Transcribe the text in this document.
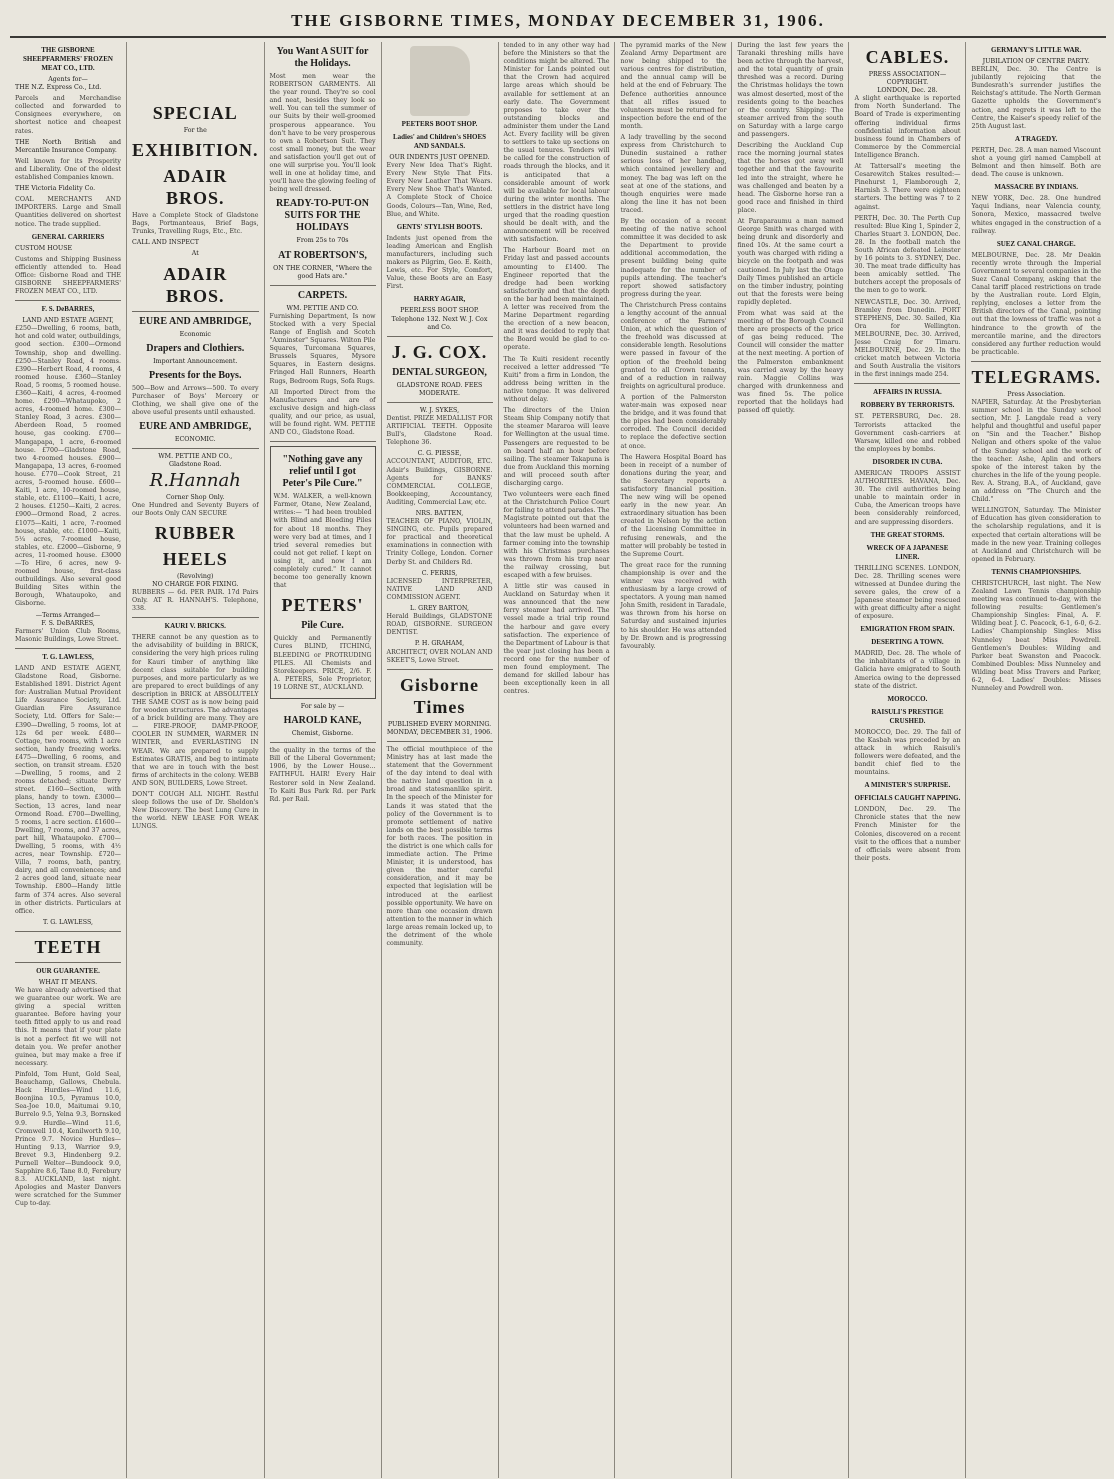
THE GISBORNE TIMES, MONDAY DECEMBER 31, 1906.
THE GISBORNE SHEEPFARMERS' FROZEN MEAT CO., LTD.
Agents for—

THE N.Z. Express Co., Ltd.

Parcels and Merchandise collected and forwarded to Consignees everywhere, on shortest notice and cheapest rates.

THE North British and Mercantile Insurance Company.

Well known for its Prosperity and Liberality. One of the oldest established Companies known.

THE Victoria Fidelity Co.

COAL MERCHANTS AND IMPORTERS. Large and Small Quantities delivered on shortest notice. The trade supplied.

GENERAL CARRIERS

CUSTOM HOUSE

Customs and Shipping Business efficiently attended to. Head Office: Gisborne Road and THE GISBORNE SHEEPFARMERS' FROZEN MEAT CO., LTD.

F. S. DeBARRES,
LAND AND ESTATE AGENT,

£250—Dwelling, 6 rooms, bath, hot and cold water, outbuildings, good section. £300—Ormond Township, shop and dwelling. £250—Stanley Road, 4 rooms. £390—Herbert Road, 4 rooms, 4 roomed house. £360—Stanley Road, 5 rooms, 5 roomed house. £360—Kaiti, 4 acres, 4-roomed home. £290—Whataupoko, 2 acres, 4-roomed home. £300—Stanley Road, 3 acres. £300—Aberdeen Road, 5 roomed house, gas cooking. £700—Mangapapa, 1 acre, 6-roomed house. £700—Gladstone Road, two 4-roomed houses. £900—Mangapapa, 13 acres, 6-roomed house. £770—Cook Street, 21 acres, 5-roomed house. £600—Kaiti, 1 acre, 10-roomed house, stable, etc. £1100—Kaiti, 1 acre, 2 houses. £1250—Kaiti, 2 acres. £900—Ormond Road, 2 acres. £1075—Kaiti, 1 acre, 7-roomed house, stable, etc. £1000—Kaiti, 5¼ acres, 7-roomed house, stables, etc. £2000—Gisborne, 9 acres, 11-roomed house. £3000—To Hire, 6 acres, new 9-roomed house, first-class outbuildings. Also several good Building Sites within the Borough, Whataupoko, and Gisborne.

—Terms Arranged—
F. S. DeBARRES,

Farmers' Union Club Rooms, Masonic Buildings, Lowe Street.

T. G. LAWLESS,

LAND AND ESTATE AGENT, Gladstone Road, Gisborne. Established 1891. District Agent for: Australian Mutual Provident Life Assurance Society, Ltd. Guardian Fire Assurance Society, Ltd. Offers for Sale:— £390—Dwelling, 5 rooms, lot at 12s 6d per week. £480—Cottage, two rooms, with 1 acre section, handy freezing works. £475—Dwelling, 6 rooms, and section, on transit stream. £520—Dwelling, 5 rooms, and 2 rooms detached; situate Derry street. £160—Section, with plans, handy to town. £3000—Section, 13 acres, land near Ormond Road. £700—Dwelling, 5 rooms, 1 acre section. £1600—Dwelling, 7 rooms, and 37 acres, part hill, Whataupoko. £700—Dwelling, 5 rooms, with 4½ acres, near Township. £720—Villa, 7 rooms, bath, pantry, dairy, and all conveniences; and 2 acres good land, situate near Township. £800—Handy little farm of 374 acres. Also several in other districts. Particulars at office.

T. G. LAWLESS,
TEETH
OUR GUARANTEE.
WHAT IT MEANS.

We have already advertised that we guarantee our work. We are giving a special written guarantee. Before having your teeth fitted apply to us and read this. It means that if your plate is not a perfect fit we will not detain you. We prefer another guinea, but may make a free if necessary.

Pinfold, Tom Hunt, Gold Seal, Beauchamp, Gallows, Chebula. Hack Hurdles—Wind 11.6, Boonjina 10.5, Pyramus 10.0, Sea-Joe 10.0, Maitumai 9.10, Burrelo 9.5, Yelna 9.3, Bornsked 9.9. Hurdle—Wind 11.6, Cromwell 10.4, Kenilworth 9.10, Prince 9.7. Novice Hurdles—Hunting 9.13, Warrior 9.9, Brevet 9.3, Hindenberg 9.2. Purnell Welter—Bundoock 9.0, Sapphire 8.6, Tane 8.0, Ferebury 8.3. AUCKLAND, last night. Apologies and Master Danvers were scratched for the Summer Cup to-day.

SPECIAL
For the
EXHIBITION.
ADAIR BROS.

Have a Complete Stock of Gladstone Bags, Portmanteaus, Brief Bags, Trunks, Travelling Rugs, Etc., Etc.

CALL AND INSPECT

At
ADAIR BROS.
EURE AND AMBRIDGE,
Economic
Drapers and Clothiers.
Important Announcement.
Presents for the Boys.

500—Bow and Arrows—500. To every Purchaser of Boys' Mercery or Clothing, we shall give one of the above useful presents until exhausted.

EURE AND AMBRIDGE,
ECONOMIC.
WM. PETTIE AND CO.,
Gladstone Road.
R.Hannah
Corner Shop Only.

One Hundred and Seventy Buyers of our Boots Only CAN SECURE

RUBBER
HEELS
(Revolving)
NO CHARGE FOR FIXING.

RUBBERS — 6d. PER PAIR. 17d Pairs Only. AT R. HANNAH'S. Telephone, 338.

KAURI V. BRICKS.

THERE cannot be any question as to the advisability of building in BRICK, considering the very high prices ruling for Kauri timber of anything like decent class suitable for building purposes, and more particularly as we are prepared to erect buildings of any description in BRICK at ABSOLUTELY THE SAME COST as is now being paid for wooden structures. The advantages of a brick building are many. They are — FIRE-PROOF, DAMP-PROOF, COOLER IN SUMMER, WARMER IN WINTER, and EVERLASTING IN WEAR. We are prepared to supply Estimates GRATIS, and beg to intimate that we are in touch with the best firms of architects in the colony. WEBB AND SON, BUILDERS, Lowe Street.

DON'T COUGH ALL NIGHT. Restful sleep follows the use of Dr. Sheldon's New Discovery. The best Lung Cure in the world. NEW LEASE FOR WEAK LUNGS.

You Want A SUIT for the Holidays.

Most men wear the ROBERTSON GARMENTS. All the year round. They're so cool and neat, besides they look so well. You can tell the summer of our Suits by their well-groomed prosperous appearance. You don't have to be very prosperous to own a Robertson Suit. They cost small money, but the wear and satisfaction you'll get out of one will surprise you. You'll look well in one at holiday time, and you'll have the glowing feeling of being well dressed.

READY-TO-PUT-ON SUITS FOR THE HOLIDAYS
From 25s to 70s
AT ROBERTSON'S,
ON THE CORNER, "Where the good Hats are."
CARPETS.
WM. PETTIE AND CO.

Furnishing Department, Is now Stocked with a very Special Range of English and Scotch "Axminster" Squares. Wilton Pile Squares, Turcomana Squares, Brussels Squares, Mysore Squares, in Eastern designs. Fringed Hall Runners, Hearth Rugs, Bedroom Rugs, Sofa Rugs.

All Imported Direct from the Manufacturers and are of exclusive design and high-class quality, and our price, as usual, will be found right. WM. PETTIE AND CO., Gladstone Road.

"Nothing gave any relief until I got Peter's Pile Cure."

W.M. WALKER, a well-known Farmer, Otane, New Zealand, writes:— "I had been troubled with Blind and Bleeding Piles for about 18 months. They were very bad at times, and I tried several remedies but could not get relief. I kept on using it, and now I am completely cured." It cannot become too generally known that

PETERS'
Pile Cure.

Quickly and Permanently Cures BLIND, ITCHING, BLEEDING or PROTRUDING PILES. All Chemists and Storekeepers. PRICE, 2/6. F. A. PETERS, Sole Proprietor, 19 LORNE ST., AUCKLAND.

For sale by —
HAROLD KANE,
Chemist, Gisborne.

the quality in the terms of the Bill of the Liberal Government; 1906, by the Lower House... FAITHFUL HAIR! Every Hair Restorer sold in New Zealand. To Kaiti Bus Park Rd. per Park Rd. per Rail.

PEETERS BOOT SHOP.
Ladies' and Children's SHOES AND SANDALS.
OUR INDENTS JUST OPENED.

Every New Idea That's Right. Every New Style That Fits. Every New Leather That Wears. Every New Shoe That's Wanted. A Complete Stock of Choice Goods, Colours—Tan, Wine, Red, Blue, and White.

GENTS' STYLISH BOOTS.

Indents just opened from the leading American and English manufacturers, including such makers as Pilgrim, Geo. E. Keith, Lewis, etc. For Style, Comfort, Value, these Boots are an Easy First.

HARRY AGAIR,
PEERLESS BOOT SHOP. Telephone 132. Next W. J. Cox and Co.
J. G. COX.
DENTAL SURGEON,
GLADSTONE ROAD. FEES MODERATE.
W. J. SYKES,

Dentist. PRIZE MEDALLIST FOR ARTIFICIAL TEETH. Opposite Bull's, Gladstone Road. Telephone 36.

C. G. PIESSE,

ACCOUNTANT, AUDITOR, ETC. Adair's Buildings, GISBORNE. Agents for BANKS' COMMERCIAL COLLEGE, Bookkeeping, Accountancy, Auditing, Commercial Law, etc.

NRS. BATTEN,

TEACHER OF PIANO, VIOLIN, SINGING, etc. Pupils prepared for practical and theoretical examinations in connection with Trinity College, London. Corner Derby St. and Childers Rd.

C. FERRIS,

LICENSED INTERPRETER, NATIVE LAND AND COMMISSION AGENT.

L. GREY BARTON,

Herald Buildings, GLADSTONE ROAD, GISBORNE. SURGEON DENTIST.

P. H. GRAHAM,

ARCHITECT, OVER NOLAN AND SKEET'S, Lowe Street.

Gisborne Times
PUBLISHED EVERY MORNING.
MONDAY, DECEMBER 31, 1906.

The official mouthpiece of the Ministry has at last made the statement that the Government of the day intend to deal with the native land question in a broad and statesmanlike spirit. In the speech of the Minister for Lands it was stated that the policy of the Government is to promote settlement of native lands on the best possible terms for both races. The position in the district is one which calls for immediate action. The Prime Minister, it is understood, has given the matter careful consideration, and it may be expected that legislation will be introduced at the earliest possible opportunity. We have on more than one occasion drawn attention to the manner in which large areas remain locked up, to the detriment of the whole community.

tended to in any other way had before the Ministers so that the conditions might be altered. The Minister for Lands pointed out that the Crown had acquired large areas which should be available for settlement at an early date. The Government proposes to take over the outstanding blocks and administer them under the Land Act. Every facility will be given to settlers to take up sections on the usual tenures. Tenders will be called for the construction of roads through the blocks, and it is anticipated that a considerable amount of work will be available for local labour during the winter months. The settlers in the district have long urged that the roading question should be dealt with, and the announcement will be received with satisfaction.

The Harbour Board met on Friday last and passed accounts amounting to £1400. The Engineer reported that the dredge had been working satisfactorily and that the depth on the bar had been maintained. A letter was received from the Marine Department regarding the erection of a new beacon, and it was decided to reply that the Board would be glad to co-operate.

The Te Kuiti resident recently received a letter addressed "Te Kuiti" from a firm in London, the address being written in the native tongue. It was delivered without delay.

The directors of the Union Steam Ship Company notify that the steamer Mararoa will leave for Wellington at the usual time. Passengers are requested to be on board half an hour before sailing. The steamer Takapuna is due from Auckland this morning and will proceed south after discharging cargo.

Two volunteers were each fined at the Christchurch Police Court for failing to attend parades. The Magistrate pointed out that the volunteers had been warned and that the law must be upheld. A farmer coming into the township with his Christmas purchases was thrown from his trap near the railway crossing, but escaped with a few bruises.

A little stir was caused in Auckland on Saturday when it was announced that the new ferry steamer had arrived. The vessel made a trial trip round the harbour and gave every satisfaction. The experience of the Department of Labour is that the year just closing has been a record one for the number of men found employment. The demand for skilled labour has been exceptionally keen in all centres.

The pyramid marks of the New Zealand Army Department are now being shipped to the various centres for distribution, and the annual camp will be held at the end of February. The Defence authorities announce that all rifles issued to volunteers must be returned for inspection before the end of the month.

A lady travelling by the second express from Christchurch to Dunedin sustained a rather serious loss of her handbag, which contained jewellery and money. The bag was left on the seat at one of the stations, and though enquiries were made along the line it has not been traced.

By the occasion of a recent meeting of the native school committee it was decided to ask the Department to provide additional accommodation, the present building being quite inadequate for the number of pupils attending. The teacher's report showed satisfactory progress during the year.

The Christchurch Press contains a lengthy account of the annual conference of the Farmers' Union, at which the question of the freehold was discussed at considerable length. Resolutions were passed in favour of the option of the freehold being granted to all Crown tenants, and of a reduction in railway freights on agricultural produce.

A portion of the Palmerston water-main was exposed near the bridge, and it was found that the pipes had been considerably corroded. The Council decided to replace the defective section at once.

The Hawera Hospital Board has been in receipt of a number of donations during the year, and the Secretary reports a satisfactory financial position. The new wing will be opened early in the new year. An extraordinary situation has been created in Nelson by the action of the Licensing Committee in refusing renewals, and the matter will probably be tested in the Supreme Court.

The great race for the running championship is over and the winner was received with enthusiasm by a large crowd of spectators. A young man named John Smith, resident in Taradale, was thrown from his horse on Saturday and sustained injuries to his shoulder. He was attended by Dr. Brown and is progressing favourably.

During the last few years the Taranaki threshing mills have been active through the harvest, and the total quantity of grain threshed was a record. During the Christmas holidays the town was almost deserted, most of the residents going to the beaches or the country. Shipping: The steamer arrived from the south on Saturday with a large cargo and passengers.

Describing the Auckland Cup race the morning journal states that the horses got away well together and that the favourite led into the straight, where he was challenged and beaten by a head. The Gisborne horse ran a good race and finished in third place.

At Paraparaumu a man named George Smith was charged with being drunk and disorderly and fined 10s. At the same court a youth was charged with riding a bicycle on the footpath and was cautioned. In July last the Otago Daily Times published an article on the timber industry, pointing out that the forests were being rapidly depleted.

From what was said at the meeting of the Borough Council there are prospects of the price of gas being reduced. The Council will consider the matter at the next meeting. A portion of the Palmerston embankment was carried away by the heavy rain. Maggie Collins was charged with drunkenness and was fined 5s. The police reported that the holidays had passed off quietly.

CABLES.
PRESS ASSOCIATION—COPYRIGHT.
LONDON, Dec. 28.

A slight earthquake is reported from North Sunderland. The Board of Trade is experimenting offering individual firms confidential information about business found in Chambers of Commerce by the Commercial Intelligence Branch.

At Tattersall's meeting the Cesarewitch Stakes resulted:— Pinehurst 1, Flamborough 2, Harnish 3. There were eighteen starters. The betting was 7 to 2 against.

PERTH, Dec. 30. The Perth Cup resulted: Blue King 1, Spinder 2, Charles Stuart 3. LONDON, Dec. 28. In the football match the South African defeated Leinster by 16 points to 3. SYDNEY, Dec. 30. The meat trade difficulty has been amicably settled. The butchers accept the proposals of the men to go to work.

NEWCASTLE, Dec. 30. Arrived, Bramley from Dunedin. PORT STEPHENS, Dec. 30. Sailed, Kia Ora for Wellington. MELBOURNE, Dec. 30. Arrived, Jesse Craig for Timaru. MELBOURNE, Dec. 29. In the cricket match between Victoria and South Australia the visitors in the first innings made 254.

AFFAIRS IN RUSSIA.
ROBBERY BY TERRORISTS.

ST. PETERSBURG, Dec. 28. Terrorists attacked the Government cash-carriers at Warsaw, killed one and robbed the employees by bombs.

DISORDER IN CUBA.

AMERICAN TROOPS ASSIST AUTHORITIES. HAVANA, Dec. 30. The civil authorities being unable to maintain order in Cuba, the American troops have been considerably reinforced, and are suppressing disorders.

THE GREAT STORMS.
WRECK OF A JAPANESE LINER.

THRILLING SCENES. LONDON, Dec. 28. Thrilling scenes were witnessed at Dundee during the severe gales, the crew of a Japanese steamer being rescued with great difficulty after a night of exposure.

EMIGRATION FROM SPAIN.
DESERTING A TOWN.

MADRID, Dec. 28. The whole of the inhabitants of a village in Galicia have emigrated to South America owing to the depressed state of the district.

MOROCCO.
RAISULI'S PRESTIGE CRUSHED.

MOROCCO, Dec. 29. The fall of the Kasbah was preceded by an attack in which Raisuli's followers were defeated, and the bandit chief fled to the mountains.

A MINISTER'S SURPRISE.
OFFICIALS CAUGHT NAPPING.

LONDON, Dec. 29. The Chronicle states that the new French Minister for the Colonies, discovered on a recent visit to the offices that a number of officials were absent from their posts.

GERMANY'S LITTLE WAR.
JUBILATION OF CENTRE PARTY.

BERLIN, Dec. 30. The Centre is jubilantly rejoicing that the Bundesrath's surrender justifies the Reichstag's attitude. The North German Gazette upholds the Government's action, and regrets it was left to the Centre, the Kaiser's speedy relief of the 25th August last.

A TRAGEDY.

PERTH, Dec. 28. A man named Viscount shot a young girl named Campbell at Belmont and then himself. Both are dead. The cause is unknown.

MASSACRE BY INDIANS.

NEW YORK, Dec. 28. One hundred Yaqui Indians, near Valencia county, Sonora, Mexico, massacred twelve whites engaged in the construction of a railway.

SUEZ CANAL CHARGE.

MELBOURNE, Dec. 28. Mr Deakin recently wrote through the Imperial Government to several companies in the Suez Canal Company, asking that the Canal tariff placed restrictions on trade by the Australian route. Lord Elgin, replying, encloses a letter from the British directors of the Canal, pointing out that the lowness of traffic was not a hindrance to the growth of the mercantile marine, and the directors considered any further reduction would be practicable.

TELEGRAMS.
Press Association.

NAPIER, Saturday. At the Presbyterian summer school in the Sunday school section, Mr. J. Langdale read a very helpful and thoughtful and useful paper on "Sin and the Teacher." Bishop Neligan and others spoke of the value of the Sunday school and the work of the teacher. Ashe, Aplin and others spoke of the interest taken by the churches in the life of the young people. Rev. A. Strang, B.A., of Auckland, gave an address on "The Church and the Child."

WELLINGTON, Saturday. The Minister of Education has given consideration to the scholarship regulations, and it is expected that certain alterations will be made in the new year. Training colleges at Auckland and Christchurch will be opened in February.

TENNIS CHAMPIONSHIPS.

CHRISTCHURCH, last night. The New Zealand Lawn Tennis championship meeting was continued to-day, with the following results: Gentlemen's Championship Singles: Final, A. F. Wilding beat J. C. Peacock, 6-1, 6-0, 6-2. Ladies' Championship Singles: Miss Nunneley beat Miss Powdrell. Gentlemen's Doubles: Wilding and Parker beat Swanston and Peacock. Combined Doubles: Miss Nunneley and Wilding beat Miss Travers and Parker, 6-2, 6-4. Ladies' Doubles: Misses Nunneley and Powdrell won.
